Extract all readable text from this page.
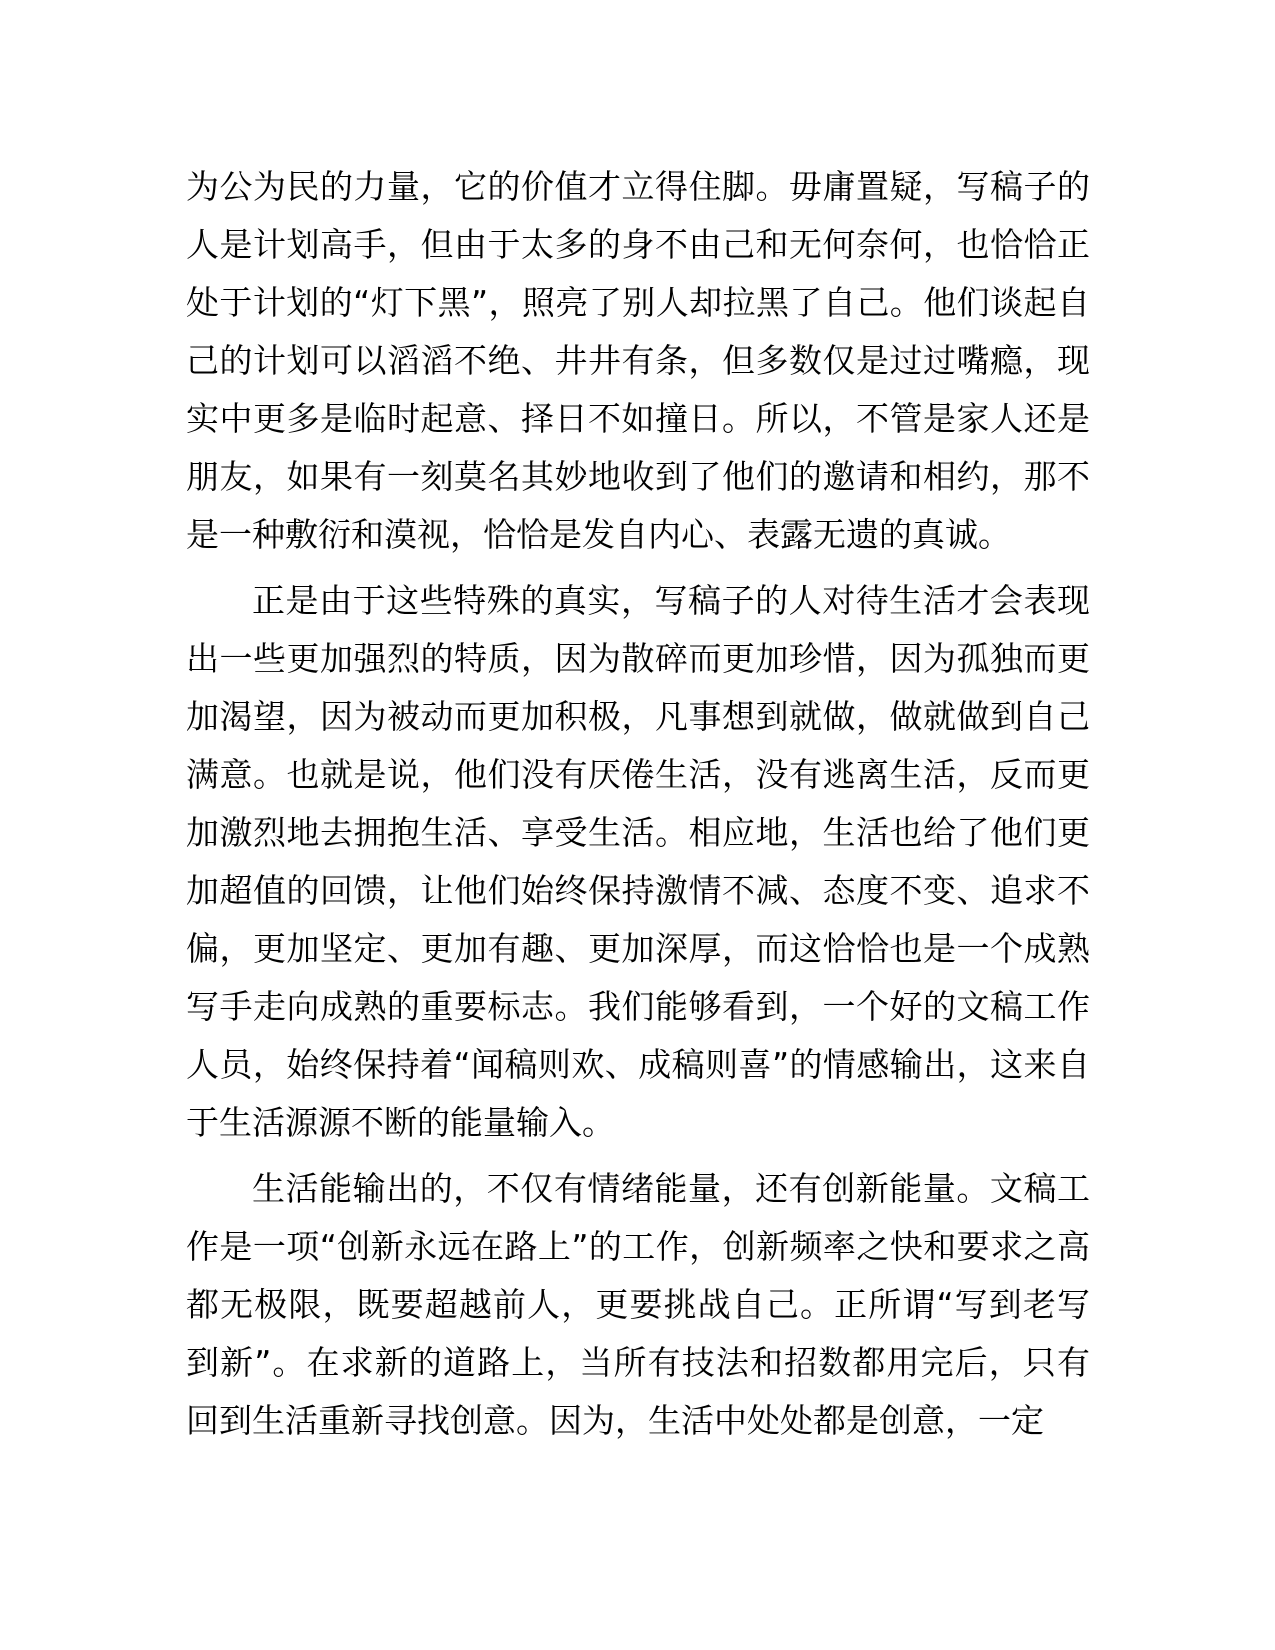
为公为民的力量，它的价值才立得住脚。毋庸置疑，写稿子的人是计划高手，但由于太多的身不由己和无何奈何，也恰恰正处于计划的“灯下黑”，照亮了别人却拉黑了自己。他们谈起自己的计划可以滔滔不绝、井井有条，但多数仅是过过嘴瘾，现实中更多是临时起意、择日不如撞日。所以，不管是家人还是朋友，如果有一刻莫名其妙地收到了他们的邀请和相约，那不是一种敷衍和漠视，恰恰是发自内心、表露无遗的真诚。

正是由于这些特殊的真实，写稿子的人对待生活才会表现出一些更加强烈的特质，因为散碎而更加珍惜，因为孤独而更加渴望，因为被动而更加积极，凡事想到就做，做就做到自己满意。也就是说，他们没有厌倦生活，没有逃离生活，反而更加激烈地去拥抱生活、享受生活。相应地，生活也给了他们更加超值的回馈，让他们始终保持激情不减、态度不变、追求不偏，更加坚定、更加有趣、更加深厚，而这恰恰也是一个成熟写手走向成熟的重要标志。我们能够看到，一个好的文稿工作人员，始终保持着“闻稿则欢、成稿则喜”的情感输出，这来自于生活源源不断的能量输入。

生活能输出的，不仅有情绪能量，还有创新能量。文稿工作是一项“创新永远在路上”的工作，创新频率之快和要求之高都无极限，既要超越前人，更要挑战自己。正所谓“写到老写到新”。在求新的道路上，当所有技法和招数都用完后，只有回到生活重新寻找创意。因为，生活中处处都是创意，一定
